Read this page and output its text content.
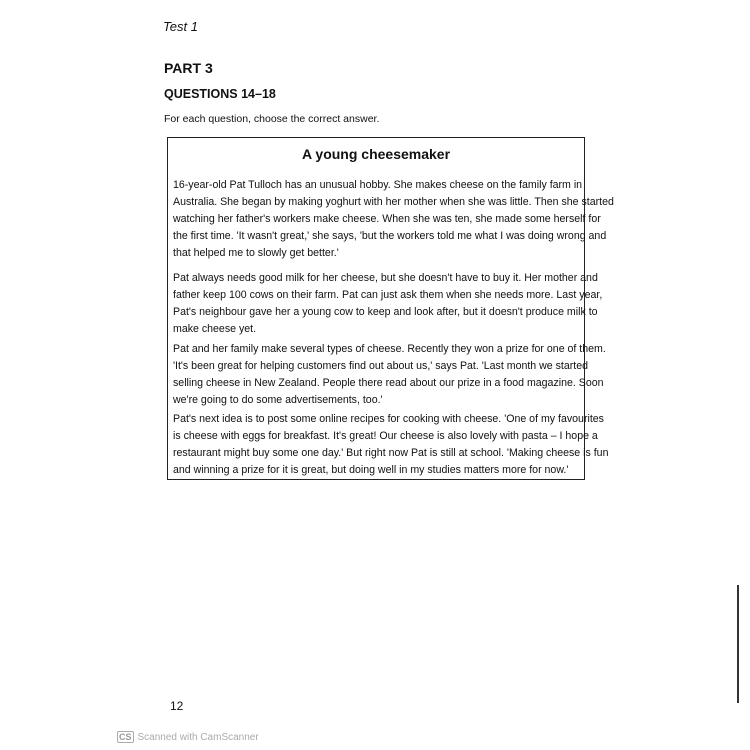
Test 1
PART 3
QUESTIONS 14–18
For each question, choose the correct answer.
A young cheesemaker
16-year-old Pat Tulloch has an unusual hobby. She makes cheese on the family farm in
Australia. She began by making yoghurt with her mother when she was little. Then she started
watching her father's workers make cheese. When she was ten, she made some herself for
the first time. 'It wasn't great,' she says, 'but the workers told me what I was doing wrong and
that helped me to slowly get better.'
Pat always needs good milk for her cheese, but she doesn't have to buy it. Her mother and
father keep 100 cows on their farm. Pat can just ask them when she needs more. Last year,
Pat's neighbour gave her a young cow to keep and look after, but it doesn't produce milk to
make cheese yet.
Pat and her family make several types of cheese. Recently they won a prize for one of them.
'It's been great for helping customers find out about us,' says Pat. 'Last month we started
selling cheese in New Zealand. People there read about our prize in a food magazine. Soon
we're going to do some advertisements, too.'
Pat's next idea is to post some online recipes for cooking with cheese. 'One of my favourites
is cheese with eggs for breakfast. It's great! Our cheese is also lovely with pasta – I hope a
restaurant might buy some one day.' But right now Pat is still at school. 'Making cheese is fun
and winning a prize for it is great, but doing well in my studies matters more for now.'
12
CS Scanned with CamScanner
